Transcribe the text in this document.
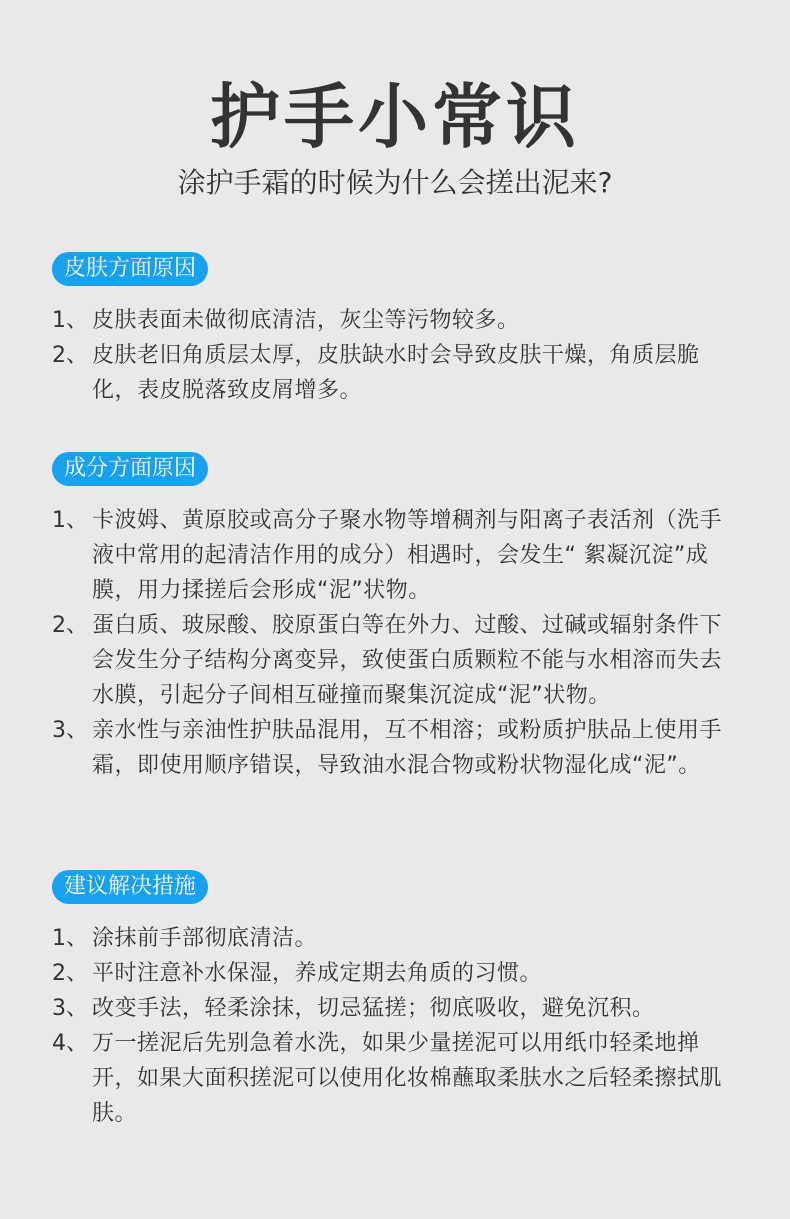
护手小常识
涂护手霜的时候为什么会搓出泥来?
皮肤方面原因
1、 皮肤表面未做彻底清洁，灰尘等污物较多。
2、 皮肤老旧角质层太厚，皮肤缺水时会导致皮肤干燥，角质层脆化，表皮脱落致皮屑增多。
成分方面原因
1、 卡波姆、黄原胶或高分子聚水物等增稠剂与阳离子表活剂（洗手液中常用的起清洁作用的成分）相遇时，会发生“ 絮凝沉淀”成膜，用力揉搓后会形成“泥”状物。
2、 蛋白质、玻尿酸、胶原蛋白等在外力、过酸、过碱或辐射条件下会发生分子结构分离变异，致使蛋白质颗粒不能与水相溶而失去水膜，引起分子间相互碰撞而聚集沉淀成“泥”状物。
3、 亲水性与亲油性护肤品混用，互不相溶；或粉质护肤品上使用手霜，即使用顺序错误，导致油水混合物或粉状物湿化成“泥”。
建议解决措施
1、 涂抹前手部彻底清洁。
2、 平时注意补水保湿，养成定期去角质的习惯。
3、 改变手法，轻柔涂抹，切忌猛搓；彻底吸收，避免沉积。
4、 万一搓泥后先别急着水洗，如果少量搓泥可以用纸巾轻柔地掸开，如果大面积搓泥可以使用化妆棉蘸取柔肤水之后轻柔擦拭肌肤。
